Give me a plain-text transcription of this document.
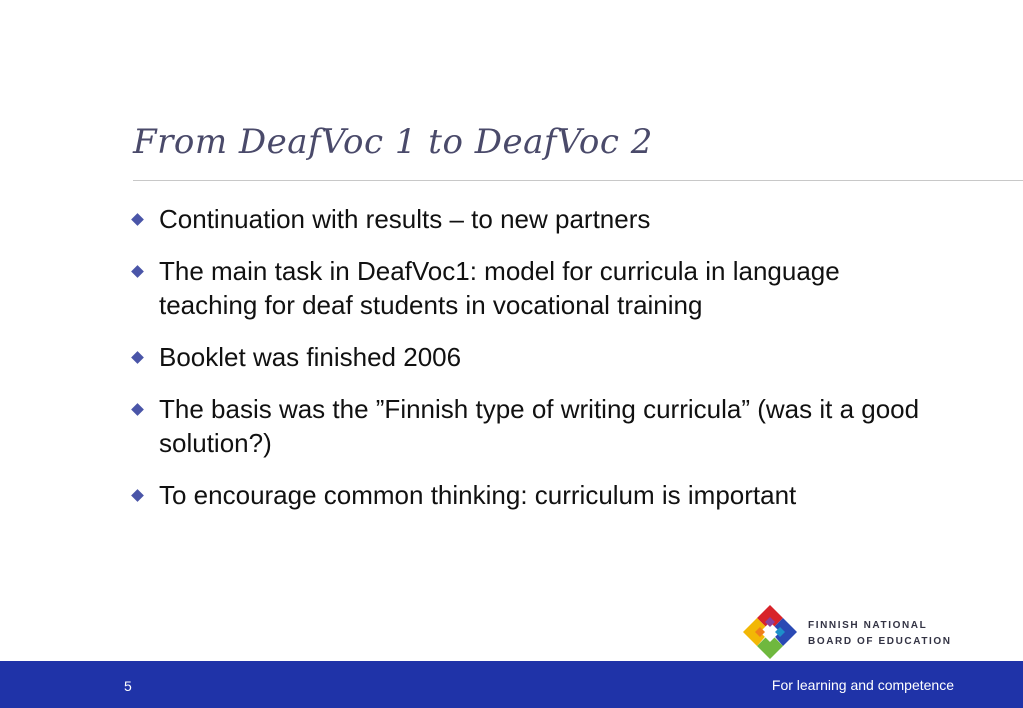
From DeafVoc 1 to DeafVoc 2
Continuation with results – to new partners
The main task in DeafVoc1: model for curricula in language teaching for deaf students in vocational training
Booklet was finished 2006
The basis was the ”Finnish type of writing curricula” (was it a good solution?)
To encourage common thinking: curriculum is important
FINNISH NATIONAL
BOARD OF EDUCATION
5	For learning and competence
